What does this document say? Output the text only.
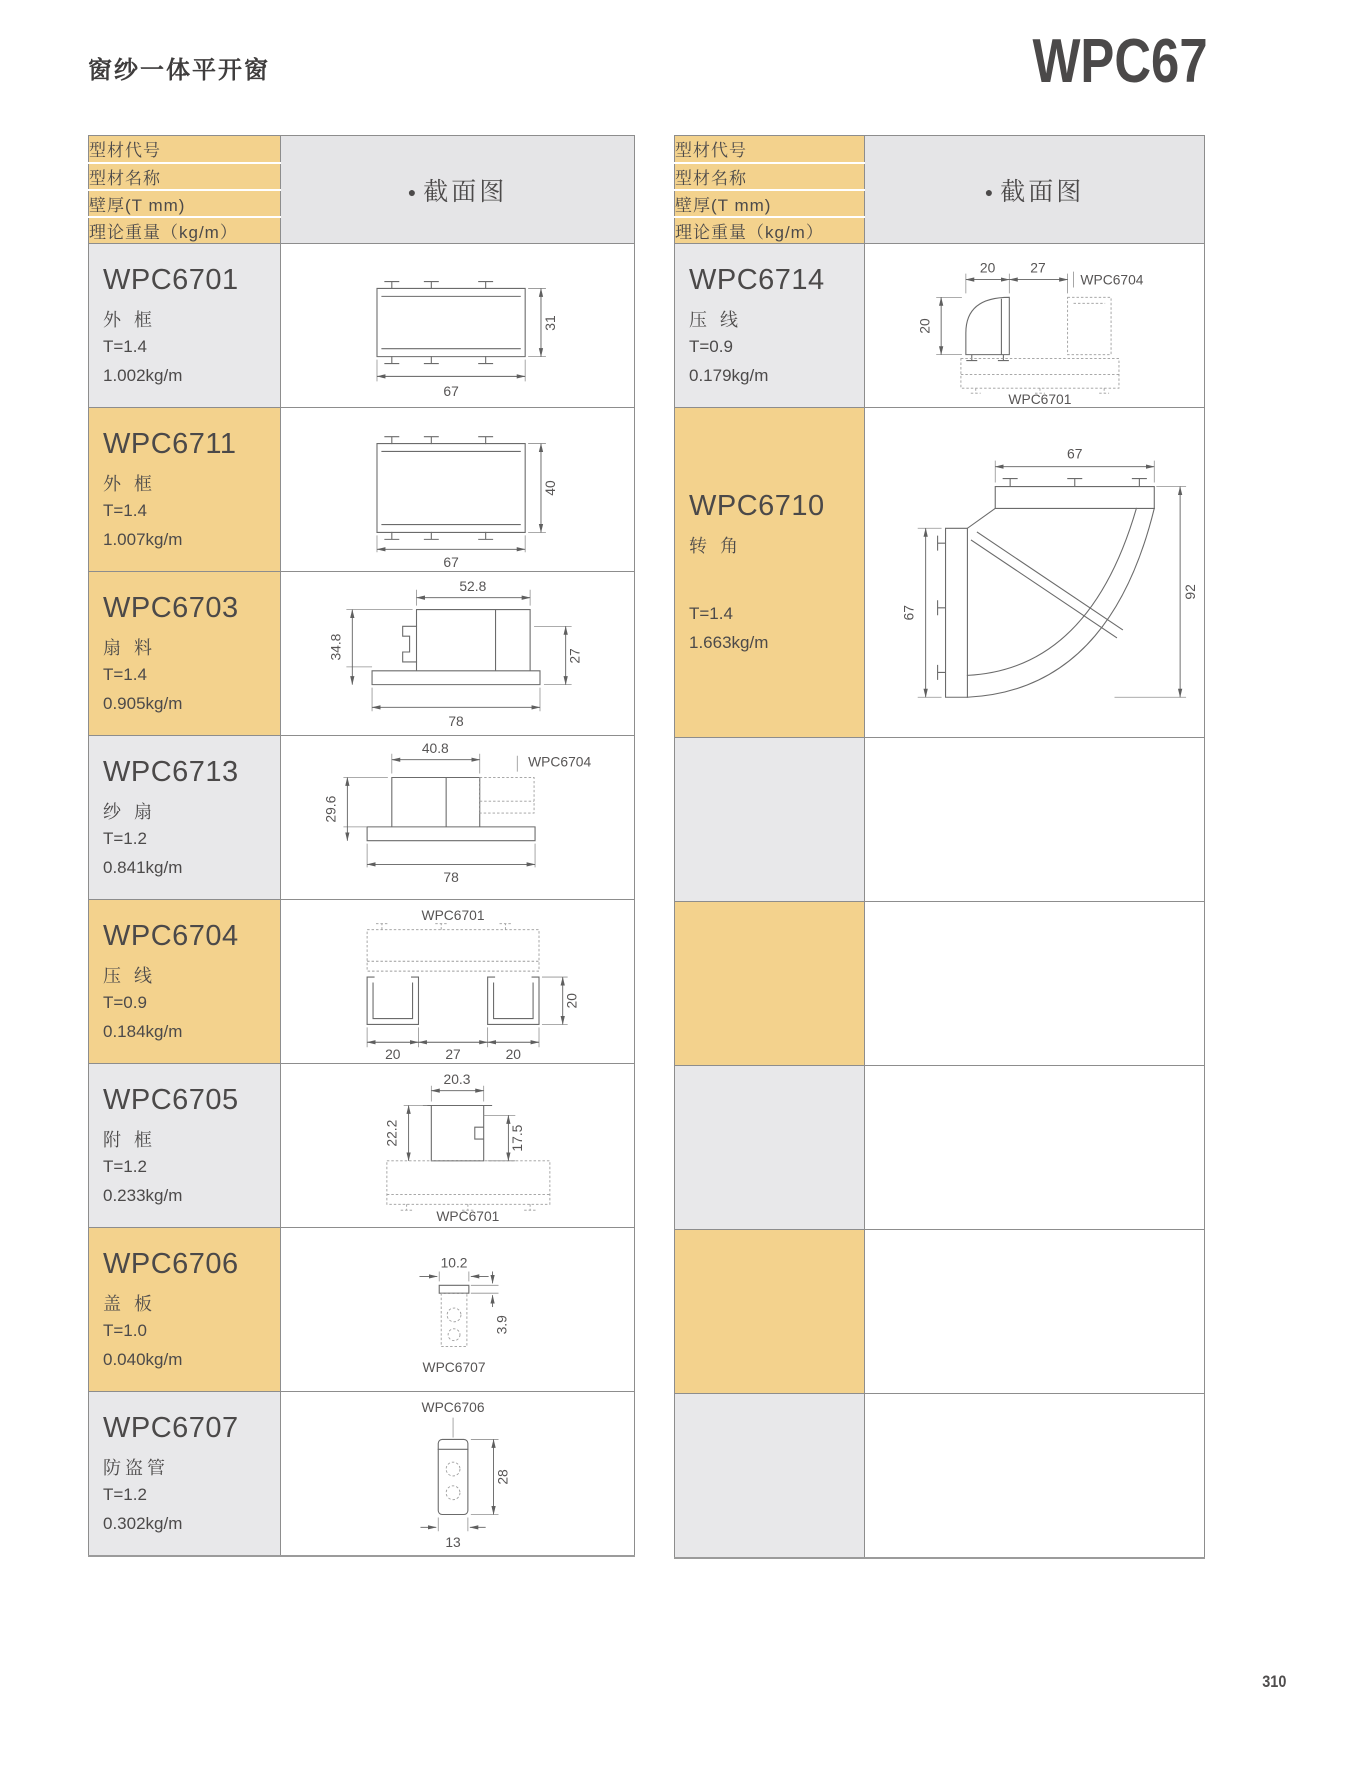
窗纱一体平开窗	WPC67
型材代号	● 截面图
型材名称	
壁厚(T mm)	
理论重量（kg/m）	

WPC6701
外 框
T=1.4
1.002kg/m

31
67

WPC6711
外 框
T=1.4
1.007kg/m

40
67

WPC6703
扇 料
T=1.4
0.905kg/m

52.8
34.8	27
78

WPC6713
纱 扇
T=1.2
0.841kg/m

40.8
WPC6704
29.6
78

WPC6704
压 线
T=0.9
0.184kg/m

WPC6701
20
20	27	20

WPC6705
附 框
T=1.2
0.233kg/m

20.3
22.2	17.5
WPC6701

WPC6706
盖 板
T=1.0
0.040kg/m

10.2
3.9
WPC6707

WPC6707
防盗管
T=1.2
0.302kg/m

WPC6706
28
13
型材代号	● 截面图
型材名称	
壁厚(T mm)	
理论重量（kg/m）	

WPC6714
压 线
T=0.9
0.179kg/m

20 27
WPC6704
20
WPC6701

WPC6710
转 角
T=1.4
1.663kg/m

67
67
92

310
